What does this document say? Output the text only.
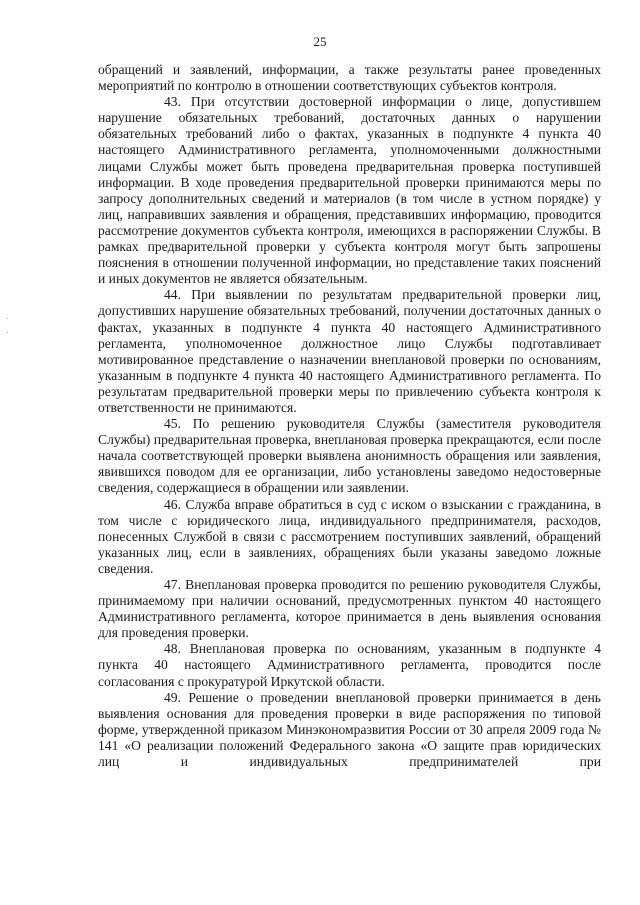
25

обращений и заявлений, информации, а также результаты ранее проведенных мероприятий по контролю в отношении соответствующих субъектов контроля.

43. При отсутствии достоверной информации о лице, допустившем нарушение обязательных требований, достаточных данных о нарушении обязательных требований либо о фактах, указанных в подпункте 4 пункта 40 настоящего Административного регламента, уполномоченными должностными лицами Службы может быть проведена предварительная проверка поступившей информации. В ходе проведения предварительной проверки принимаются меры по запросу дополнительных сведений и материалов (в том числе в устном порядке) у лиц, направивших заявления и обращения, представивших информацию, проводится рассмотрение документов субъекта контроля, имеющихся в распоряжении Службы. В рамках предварительной проверки у субъекта контроля могут быть запрошены пояснения в отношении полученной информации, но представление таких пояснений и иных документов не является обязательным.

44. При выявлении по результатам предварительной проверки лиц, допустивших нарушение обязательных требований, получении достаточных данных о фактах, указанных в подпункте 4 пункта 40 настоящего Административного регламента, уполномоченное должностное лицо Службы подготавливает мотивированное представление о назначении внеплановой проверки по основаниям, указанным в подпункте 4 пункта 40 настоящего Административного регламента. По результатам предварительной проверки меры по привлечению субъекта контроля к ответственности не принимаются.

45. По решению руководителя Службы (заместителя руководителя Службы) предварительная проверка, внеплановая проверка прекращаются, если после начала соответствующей проверки выявлена анонимность обращения или заявления, явившихся поводом для ее организации, либо установлены заведомо недостоверные сведения, содержащиеся в обращении или заявлении.

46. Служба вправе обратиться в суд с иском о взыскании с гражданина, в том числе с юридического лица, индивидуального предпринимателя, расходов, понесенных Службой в связи с рассмотрением поступивших заявлений, обращений указанных лиц, если в заявлениях, обращениях были указаны заведомо ложные сведения.

47. Внеплановая проверка проводится по решению руководителя Службы, принимаемому при наличии оснований, предусмотренных пунктом 40 настоящего Административного регламента, которое принимается в день выявления основания для проведения проверки.

48. Внеплановая проверка по основаниям, указанным в подпункте 4 пункта 40 настоящего Административного регламента, проводится после согласования с прокуратурой Иркутской области.

49. Решение о проведении внеплановой проверки принимается в день выявления основания для проведения проверки в виде распоряжения по типовой форме, утвержденной приказом Минэкономразвития России от 30 апреля 2009 года № 141 «О реализации положений Федерального закона «О защите прав юридических лиц и индивидуальных предпринимателей при
